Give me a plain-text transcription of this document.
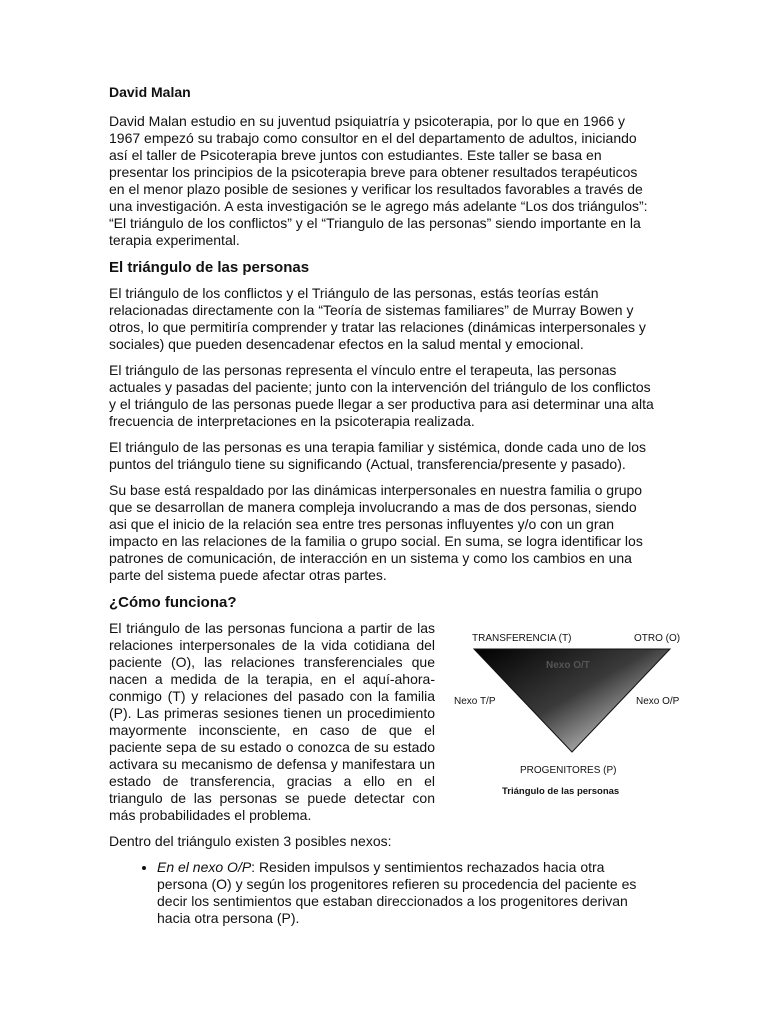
David Malan

David Malan estudio en su juventud psiquiatría y psicoterapia, por lo que en 1966 y 1967 empezó su trabajo como consultor en el del departamento de adultos, iniciando así el taller de Psicoterapia breve juntos con estudiantes. Este taller se basa en presentar los principios de la psicoterapia breve para obtener resultados terapéuticos en el menor plazo posible de sesiones y verificar los resultados favorables a través de una investigación. A esta investigación se le agrego más adelante “Los dos triángulos”: “El triángulo de los conflictos” y el “Triangulo de las personas” siendo importante en la terapia experimental.

El triángulo de las personas

El triángulo de los conflictos y el Triángulo de las personas, estás teorías están relacionadas directamente con la “Teoría de sistemas familiares” de Murray Bowen y otros, lo que permitiría comprender y tratar las relaciones (dinámicas interpersonales y sociales) que pueden desencadenar efectos en la salud mental y emocional.

El triángulo de las personas representa el vínculo entre el terapeuta, las personas actuales y pasadas del paciente; junto con la intervención del triángulo de los conflictos y el triángulo de las personas puede llegar a ser productiva para asi determinar una alta frecuencia de interpretaciones en la psicoterapia realizada.

El triángulo de las personas es una terapia familiar y sistémica, donde cada uno de los puntos del triángulo tiene su significando (Actual, transferencia/presente y pasado).

Su base está respaldado por las dinámicas interpersonales en nuestra familia o grupo que se desarrollan de manera compleja involucrando a mas de dos personas, siendo asi que el inicio de la relación sea entre tres personas influyentes y/o con un gran impacto en las relaciones de la familia o grupo social. En suma, se logra identificar los patrones de comunicación, de interacción en un sistema y como los cambios en una parte del sistema puede afectar otras partes.

¿Cómo funciona?

El triángulo de las personas funciona a partir de las relaciones interpersonales de la vida cotidiana del paciente (O), las relaciones transferenciales que nacen a medida de la terapia, en el aquí-ahora-conmigo (T) y relaciones del pasado con la familia (P). Las primeras sesiones tienen un procedimiento mayormente inconsciente, en caso de que el paciente sepa de su estado o conozca de su estado activara su mecanismo de defensa y manifestara un estado de transferencia, gracias a ello en el triangulo de las personas se puede detectar con más probabilidades el problema.

Dentro del triángulo existen 3 posibles nexos:

• En el nexo O/P: Residen impulsos y sentimientos rechazados hacia otra persona (O) y según los progenitores refieren su procedencia del paciente es decir los sentimientos que estaban direccionados a los progenitores derivan hacia otra persona (P).
TRANSFERENCIA (T)	OTRO (O)
Nexo O/T
Nexo T/P	Nexo O/P
PROGENITORES (P)
Triángulo de las personas
